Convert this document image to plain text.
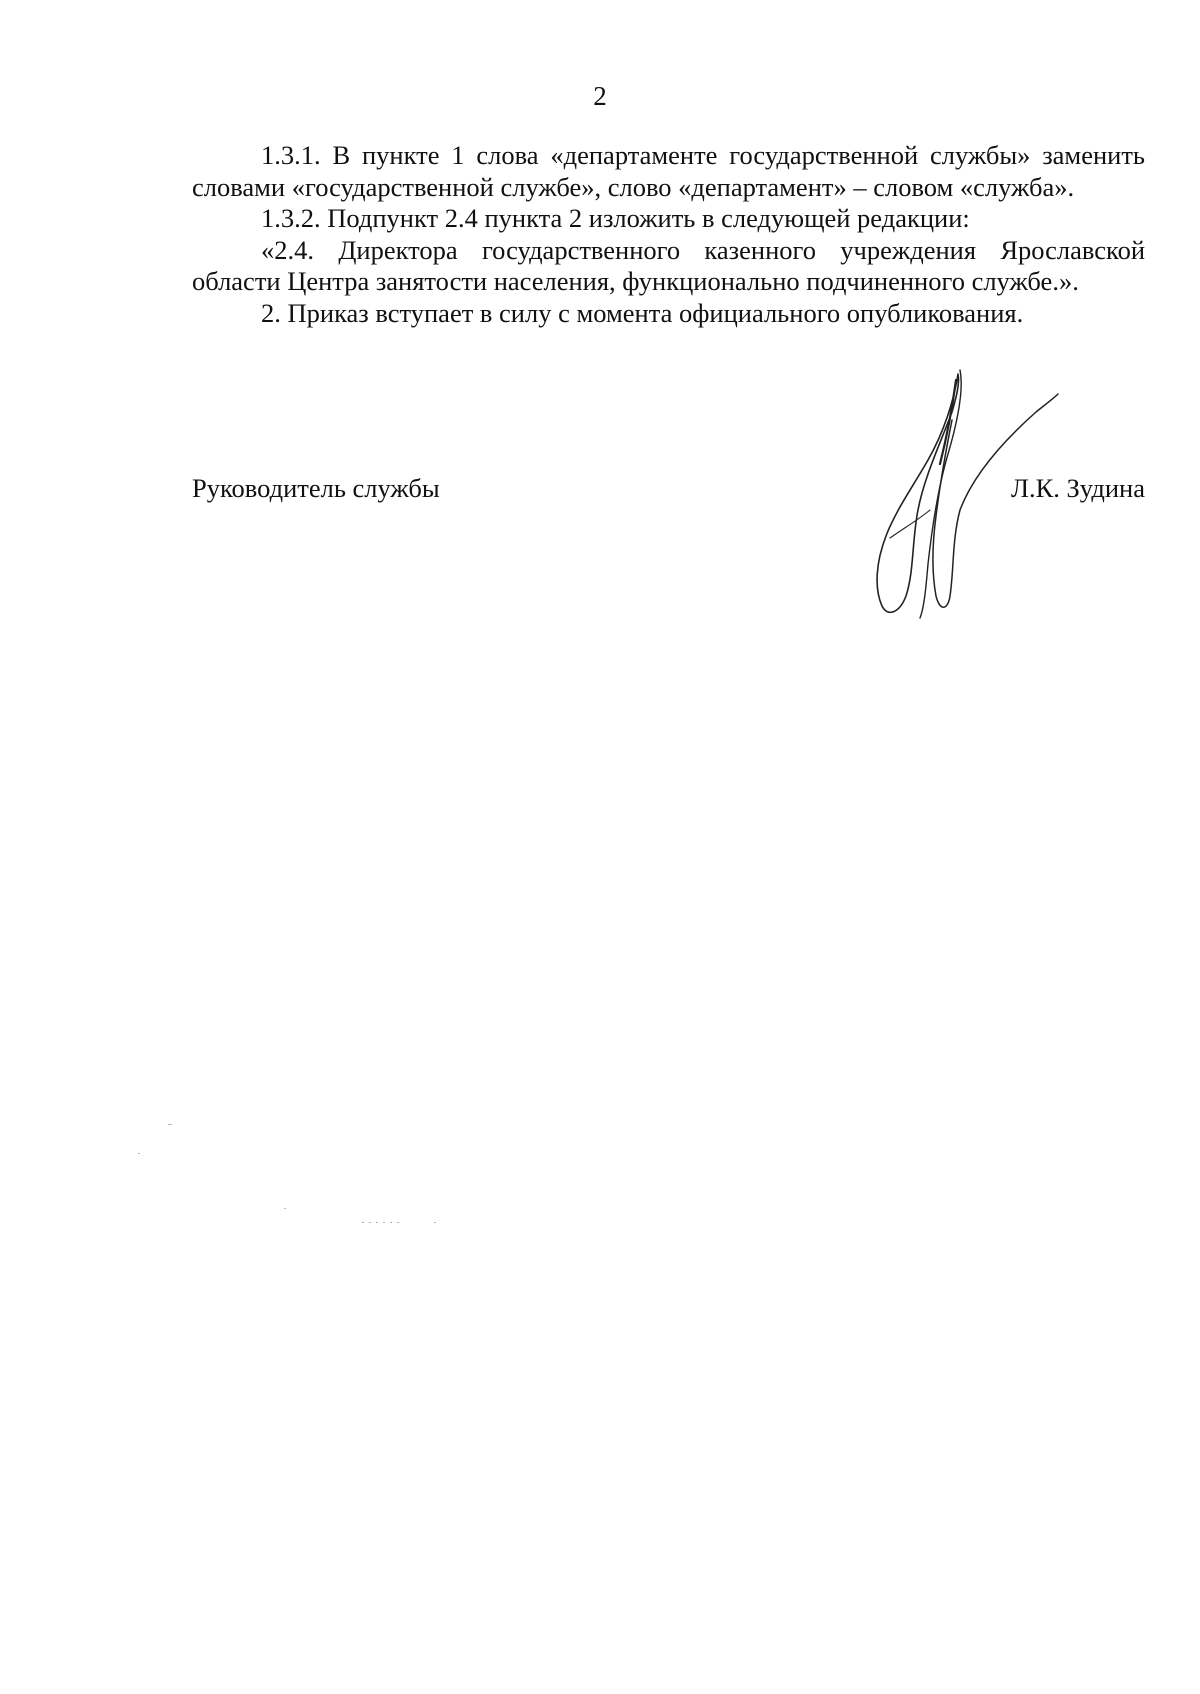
2

1.3.1. В пункте 1 слова «департаменте государственной службы» заменить словами «государственной службе», слово «департамент» – словом «служба».

1.3.2. Подпункт 2.4 пункта 2 изложить в следующей редакции:

«2.4. Директора государственного казенного учреждения Ярославской области Центра занятости населения, функционально подчиненного службе.».

2. Приказ вступает в силу с момента официального опубликования.

Руководитель службы	Л.К. Зудина
